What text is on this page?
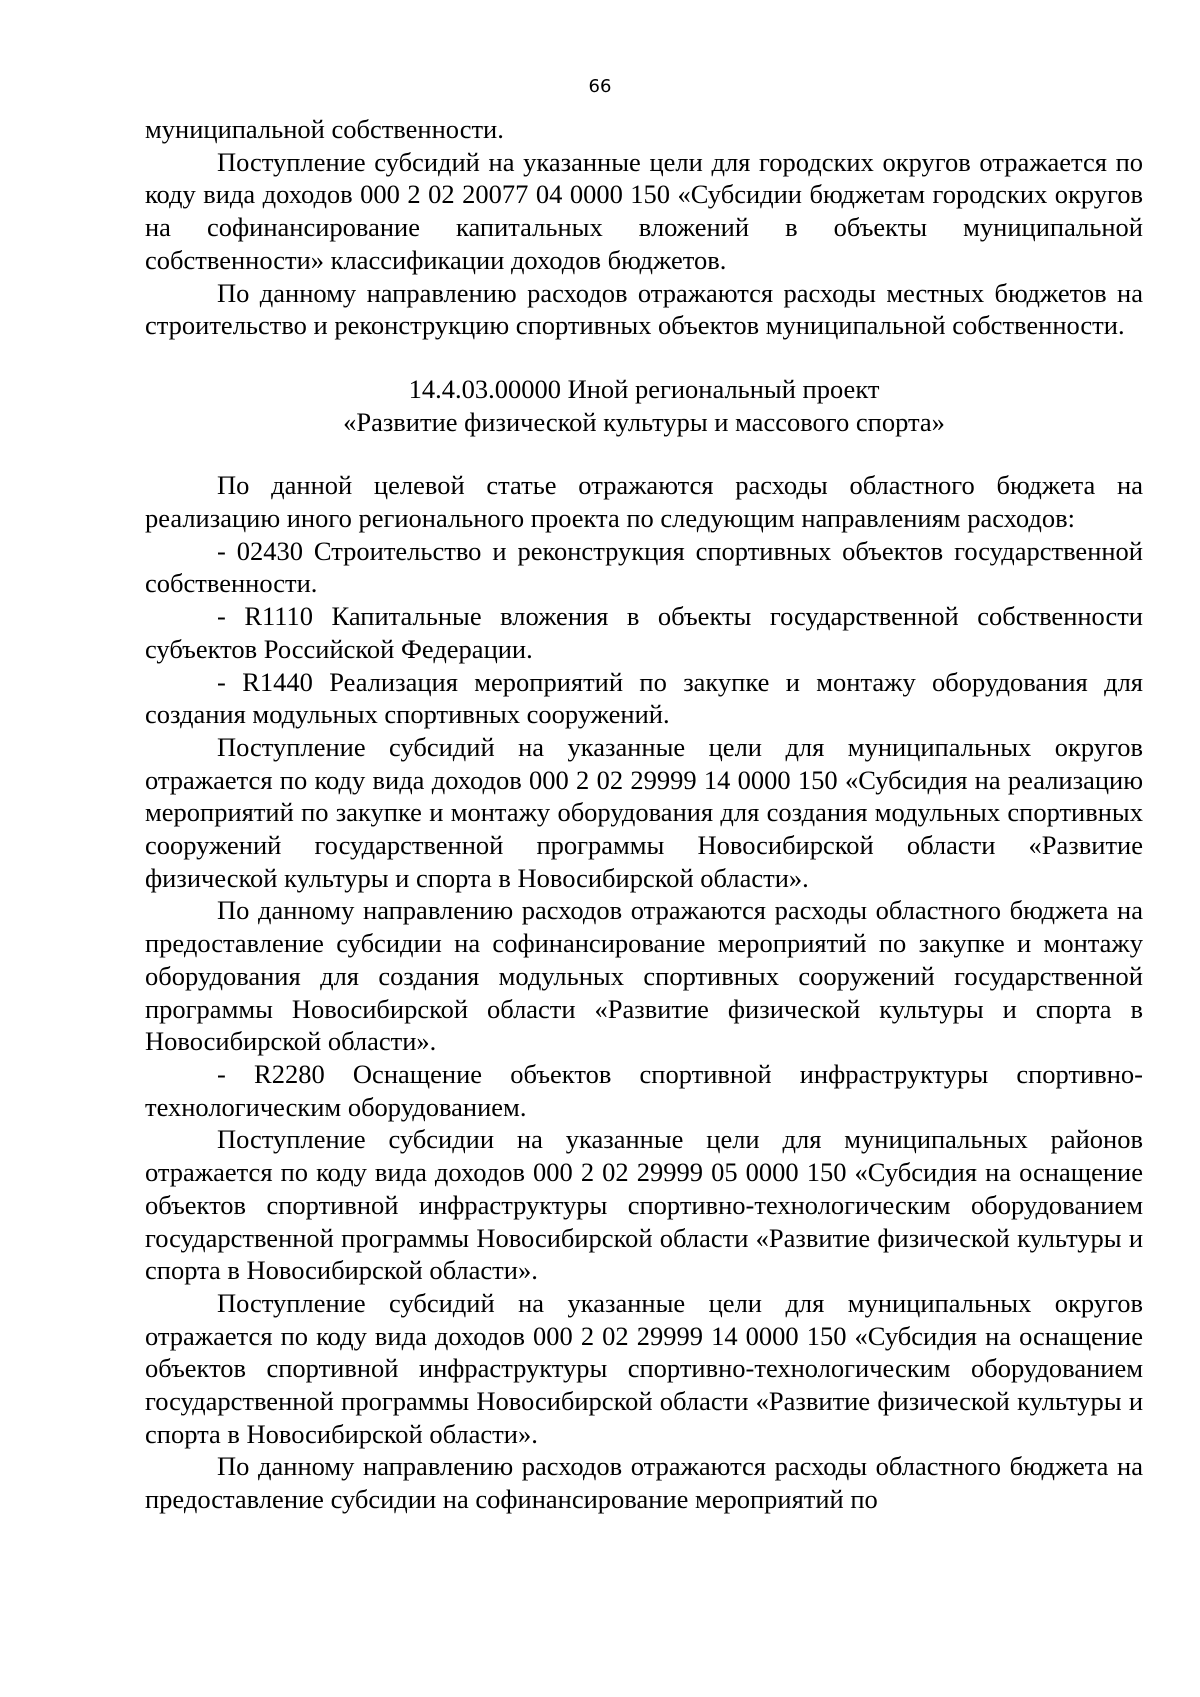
66

муниципальной собственности.

Поступление субсидий на указанные цели для городских округов отражается по коду вида доходов 000 2 02 20077 04 0000 150 «Субсидии бюджетам городских округов на софинансирование капитальных вложений в объекты муниципальной собственности» классификации доходов бюджетов.

По данному направлению расходов отражаются расходы местных бюджетов на строительство и реконструкцию спортивных объектов муниципальной собственности.

14.4.03.00000 Иной региональный проект
«Развитие физической культуры и массового спорта»

По данной целевой статье отражаются расходы областного бюджета на реализацию иного регионального проекта по следующим направлениям расходов:

- 02430 Строительство и реконструкция спортивных объектов государственной собственности.

- R1110 Капитальные вложения в объекты государственной собственности субъектов Российской Федерации.

- R1440 Реализация мероприятий по закупке и монтажу оборудования для создания модульных спортивных сооружений.

Поступление субсидий на указанные цели для муниципальных округов отражается по коду вида доходов 000 2 02 29999 14 0000 150 «Субсидия на реализацию мероприятий по закупке и монтажу оборудования для создания модульных спортивных сооружений государственной программы Новосибирской области «Развитие физической культуры и спорта в Новосибирской области».

По данному направлению расходов отражаются расходы областного бюджета на предоставление субсидии на софинансирование мероприятий по закупке и монтажу оборудования для создания модульных спортивных сооружений государственной программы Новосибирской области «Развитие физической культуры и спорта в Новосибирской области».

- R2280 Оснащение объектов спортивной инфраструктуры спортивно-технологическим оборудованием.

Поступление субсидии на указанные цели для муниципальных районов отражается по коду вида доходов 000 2 02 29999 05 0000 150 «Субсидия на оснащение объектов спортивной инфраструктуры спортивно-технологическим оборудованием государственной программы Новосибирской области «Развитие физической культуры и спорта в Новосибирской области».

Поступление субсидий на указанные цели для муниципальных округов отражается по коду вида доходов 000 2 02 29999 14 0000 150 «Субсидия на оснащение объектов спортивной инфраструктуры спортивно-технологическим оборудованием государственной программы Новосибирской области «Развитие физической культуры и спорта в Новосибирской области».

По данному направлению расходов отражаются расходы областного бюджета на предоставление субсидии на софинансирование мероприятий по
